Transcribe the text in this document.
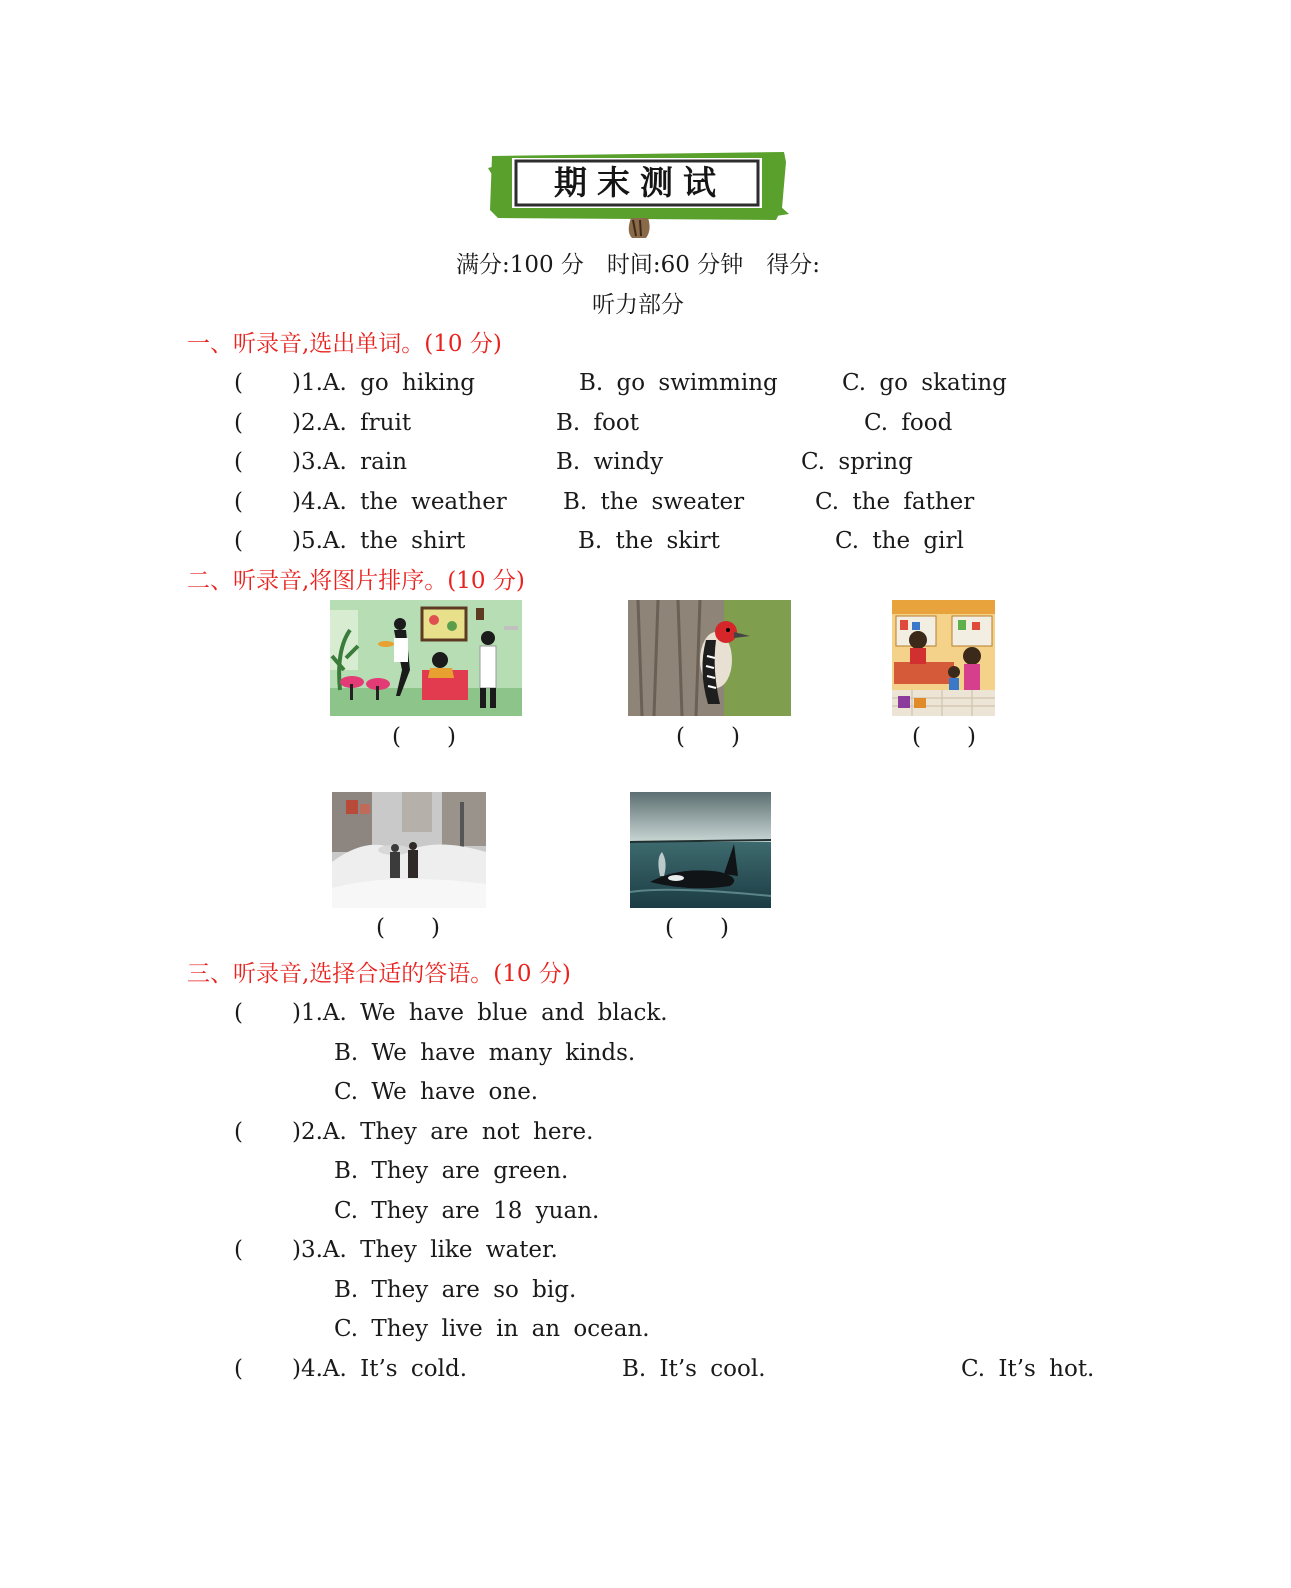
期末测试
满分:100 分　时间:60 分钟　得分:
听力部分
一、听录音,选出单词。(10 分)
( )1.A. go hiking	B. go swimming	C. go skating
( )2.A. fruit	B. foot	C. food
( )3.A. rain	B. windy	C. spring
( )4.A. the weather B. the sweater	C. the father
( )5.A. the shirt	B. the skirt	C. the girl
二、听录音,将图片排序。(10 分)
(　　)	(　　)	(　　)
(　　)	(　　)
三、听录音,选择合适的答语。(10 分)
( )1.A. We have blue and black.
B. We have many kinds.
C. We have one.
( )2.A. They are not here.
B. They are green.
C. They are 18 yuan.
( )3.A. They like water.
B. They are so big.
C. They live in an ocean.
( )4.A. It’s cold.	B. It’s cool.	C. It’s hot.
